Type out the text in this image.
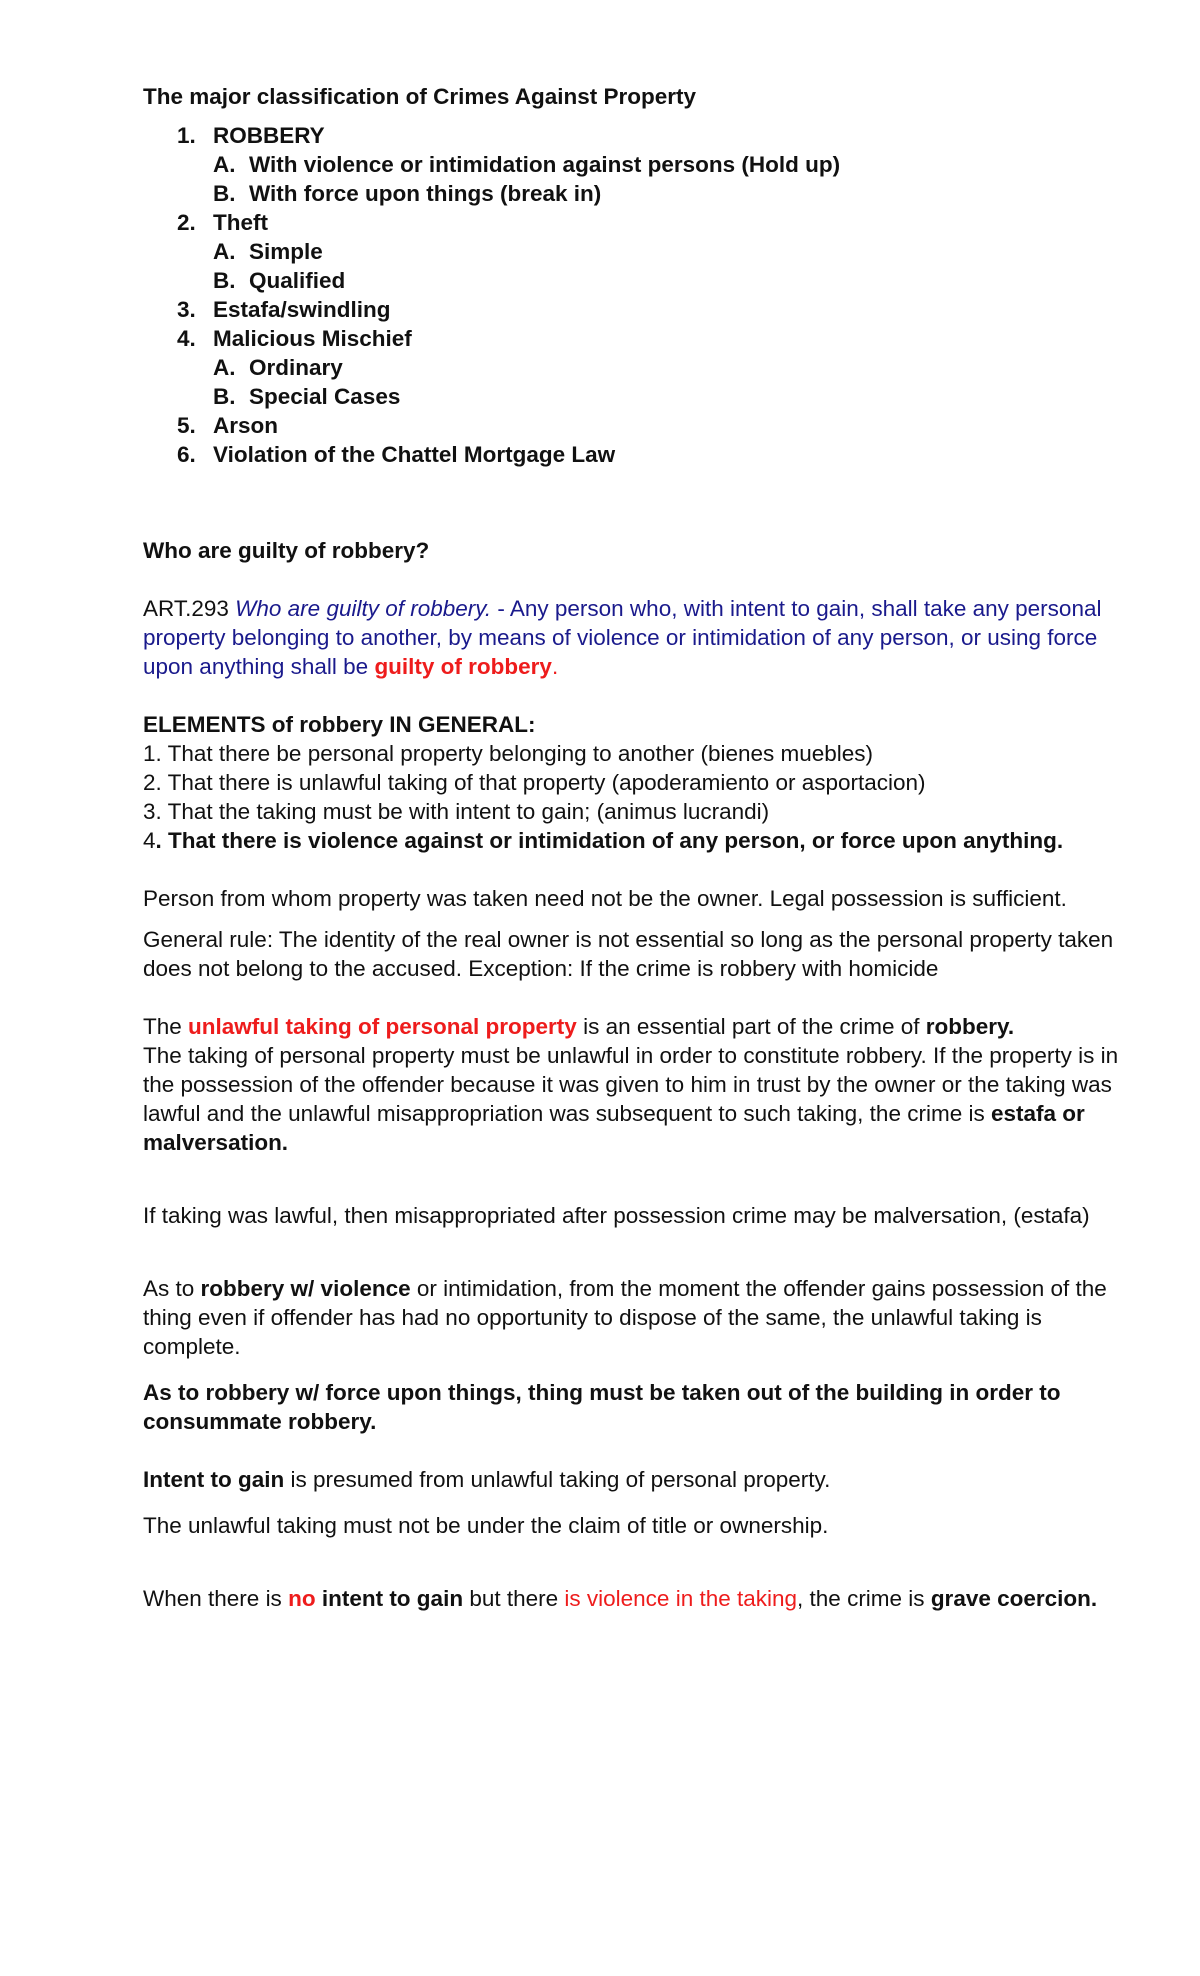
The major classification of Crimes Against Property

1. ROBBERY
A. With violence or intimidation against persons (Hold up)
B. With force upon things (break in)
2. Theft
A. Simple
B. Qualified
3. Estafa/swindling
4. Malicious Mischief
A. Ordinary
B. Special Cases
5. Arson
6. Violation of the Chattel Mortgage Law

Who are guilty of robbery?

ART.293 Who are guilty of robbery. - Any person who, with intent to gain, shall take any personal property belonging to another, by means of violence or intimidation of any person, or using force upon anything shall be guilty of robbery.

ELEMENTS of robbery IN GENERAL:

1. That there be personal property belonging to another (bienes muebles)

2. That there is unlawful taking of that property (apoderamiento or asportacion)

3. That the taking must be with intent to gain; (animus lucrandi)

4. That there is violence against or intimidation of any person, or force upon anything.

Person from whom property was taken need not be the owner. Legal possession is sufficient.

General rule: The identity of the real owner is not essential so long as the personal property taken does not belong to the accused. Exception: If the crime is robbery with homicide

The unlawful taking of personal property is an essential part of the crime of robbery.
The taking of personal property must be unlawful in order to constitute robbery. If the property is in the possession of the offender because it was given to him in trust by the owner or the taking was lawful and the unlawful misappropriation was subsequent to such taking, the crime is estafa or malversation.

If taking was lawful, then misappropriated after possession crime may be malversation, (estafa)

As to robbery w/ violence or intimidation, from the moment the offender gains possession of the thing even if offender has had no opportunity to dispose of the same, the unlawful taking is complete.

As to robbery w/ force upon things, thing must be taken out of the building in order to consummate robbery.

Intent to gain is presumed from unlawful taking of personal property.

The unlawful taking must not be under the claim of title or ownership.

When there is no intent to gain but there is violence in the taking, the crime is grave coercion.
